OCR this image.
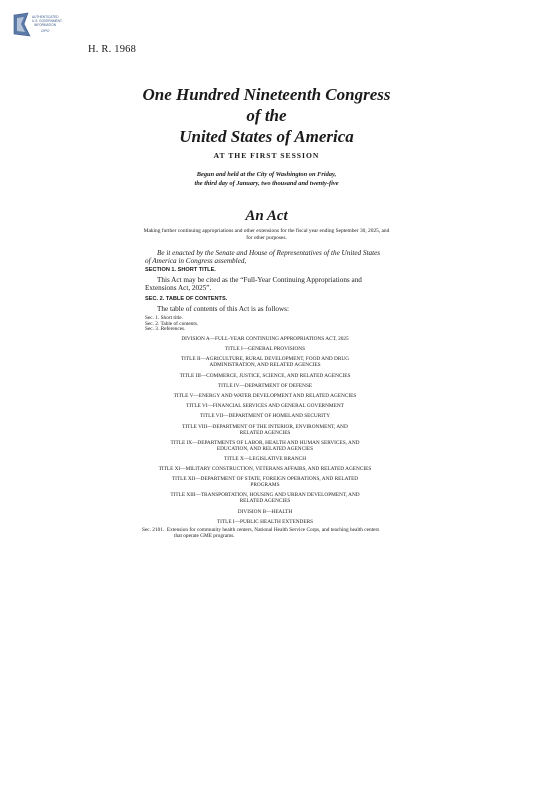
AUTHENTICATED
U.S. GOVERNMENT
INFORMATION
GPO
H. R. 1968
One Hundred Nineteenth Congress
of the
United States of America
AT THE FIRST SESSION
Begun and held at the City of Washington on Friday,
the third day of January, two thousand and twenty-five
An Act
Making further continuing appropriations and other extensions for the fiscal year ending September 30, 2025, and for other purposes.
Be it enacted by the Senate and House of Representatives of the United States of America in Congress assembled,
SECTION 1. SHORT TITLE.
This Act may be cited as the “Full-Year Continuing Appropriations and Extensions Act, 2025”.
SEC. 2. TABLE OF CONTENTS.
The table of contents of this Act is as follows:
Sec. 1. Short title.
Sec. 2. Table of contents.
Sec. 3. References.
DIVISION A—FULL-YEAR CONTINUING APPROPRIATIONS ACT, 2025
TITLE I—GENERAL PROVISIONS
TITLE II—AGRICULTURE, RURAL DEVELOPMENT, FOOD AND DRUG ADMINISTRATION, AND RELATED AGENCIES
TITLE III—COMMERCE, JUSTICE, SCIENCE, AND RELATED AGENCIES
TITLE IV—DEPARTMENT OF DEFENSE
TITLE V—ENERGY AND WATER DEVELOPMENT AND RELATED AGENCIES
TITLE VI—FINANCIAL SERVICES AND GENERAL GOVERNMENT
TITLE VII—DEPARTMENT OF HOMELAND SECURITY
TITLE VIII—DEPARTMENT OF THE INTERIOR, ENVIRONMENT, AND RELATED AGENCIES
TITLE IX—DEPARTMENTS OF LABOR, HEALTH AND HUMAN SERVICES, AND EDUCATION, AND RELATED AGENCIES
TITLE X—LEGISLATIVE BRANCH
TITLE XI—MILITARY CONSTRUCTION, VETERANS AFFAIRS, AND RELATED AGENCIES
TITLE XII—DEPARTMENT OF STATE, FOREIGN OPERATIONS, AND RELATED PROGRAMS
TITLE XIII—TRANSPORTATION, HOUSING AND URBAN DEVELOPMENT, AND RELATED AGENCIES
DIVISION B—HEALTH
TITLE I—PUBLIC HEALTH EXTENDERS
Sec. 2101. Extension for community health centers, National Health Service Corps, and teaching health centers that operate GME programs.
